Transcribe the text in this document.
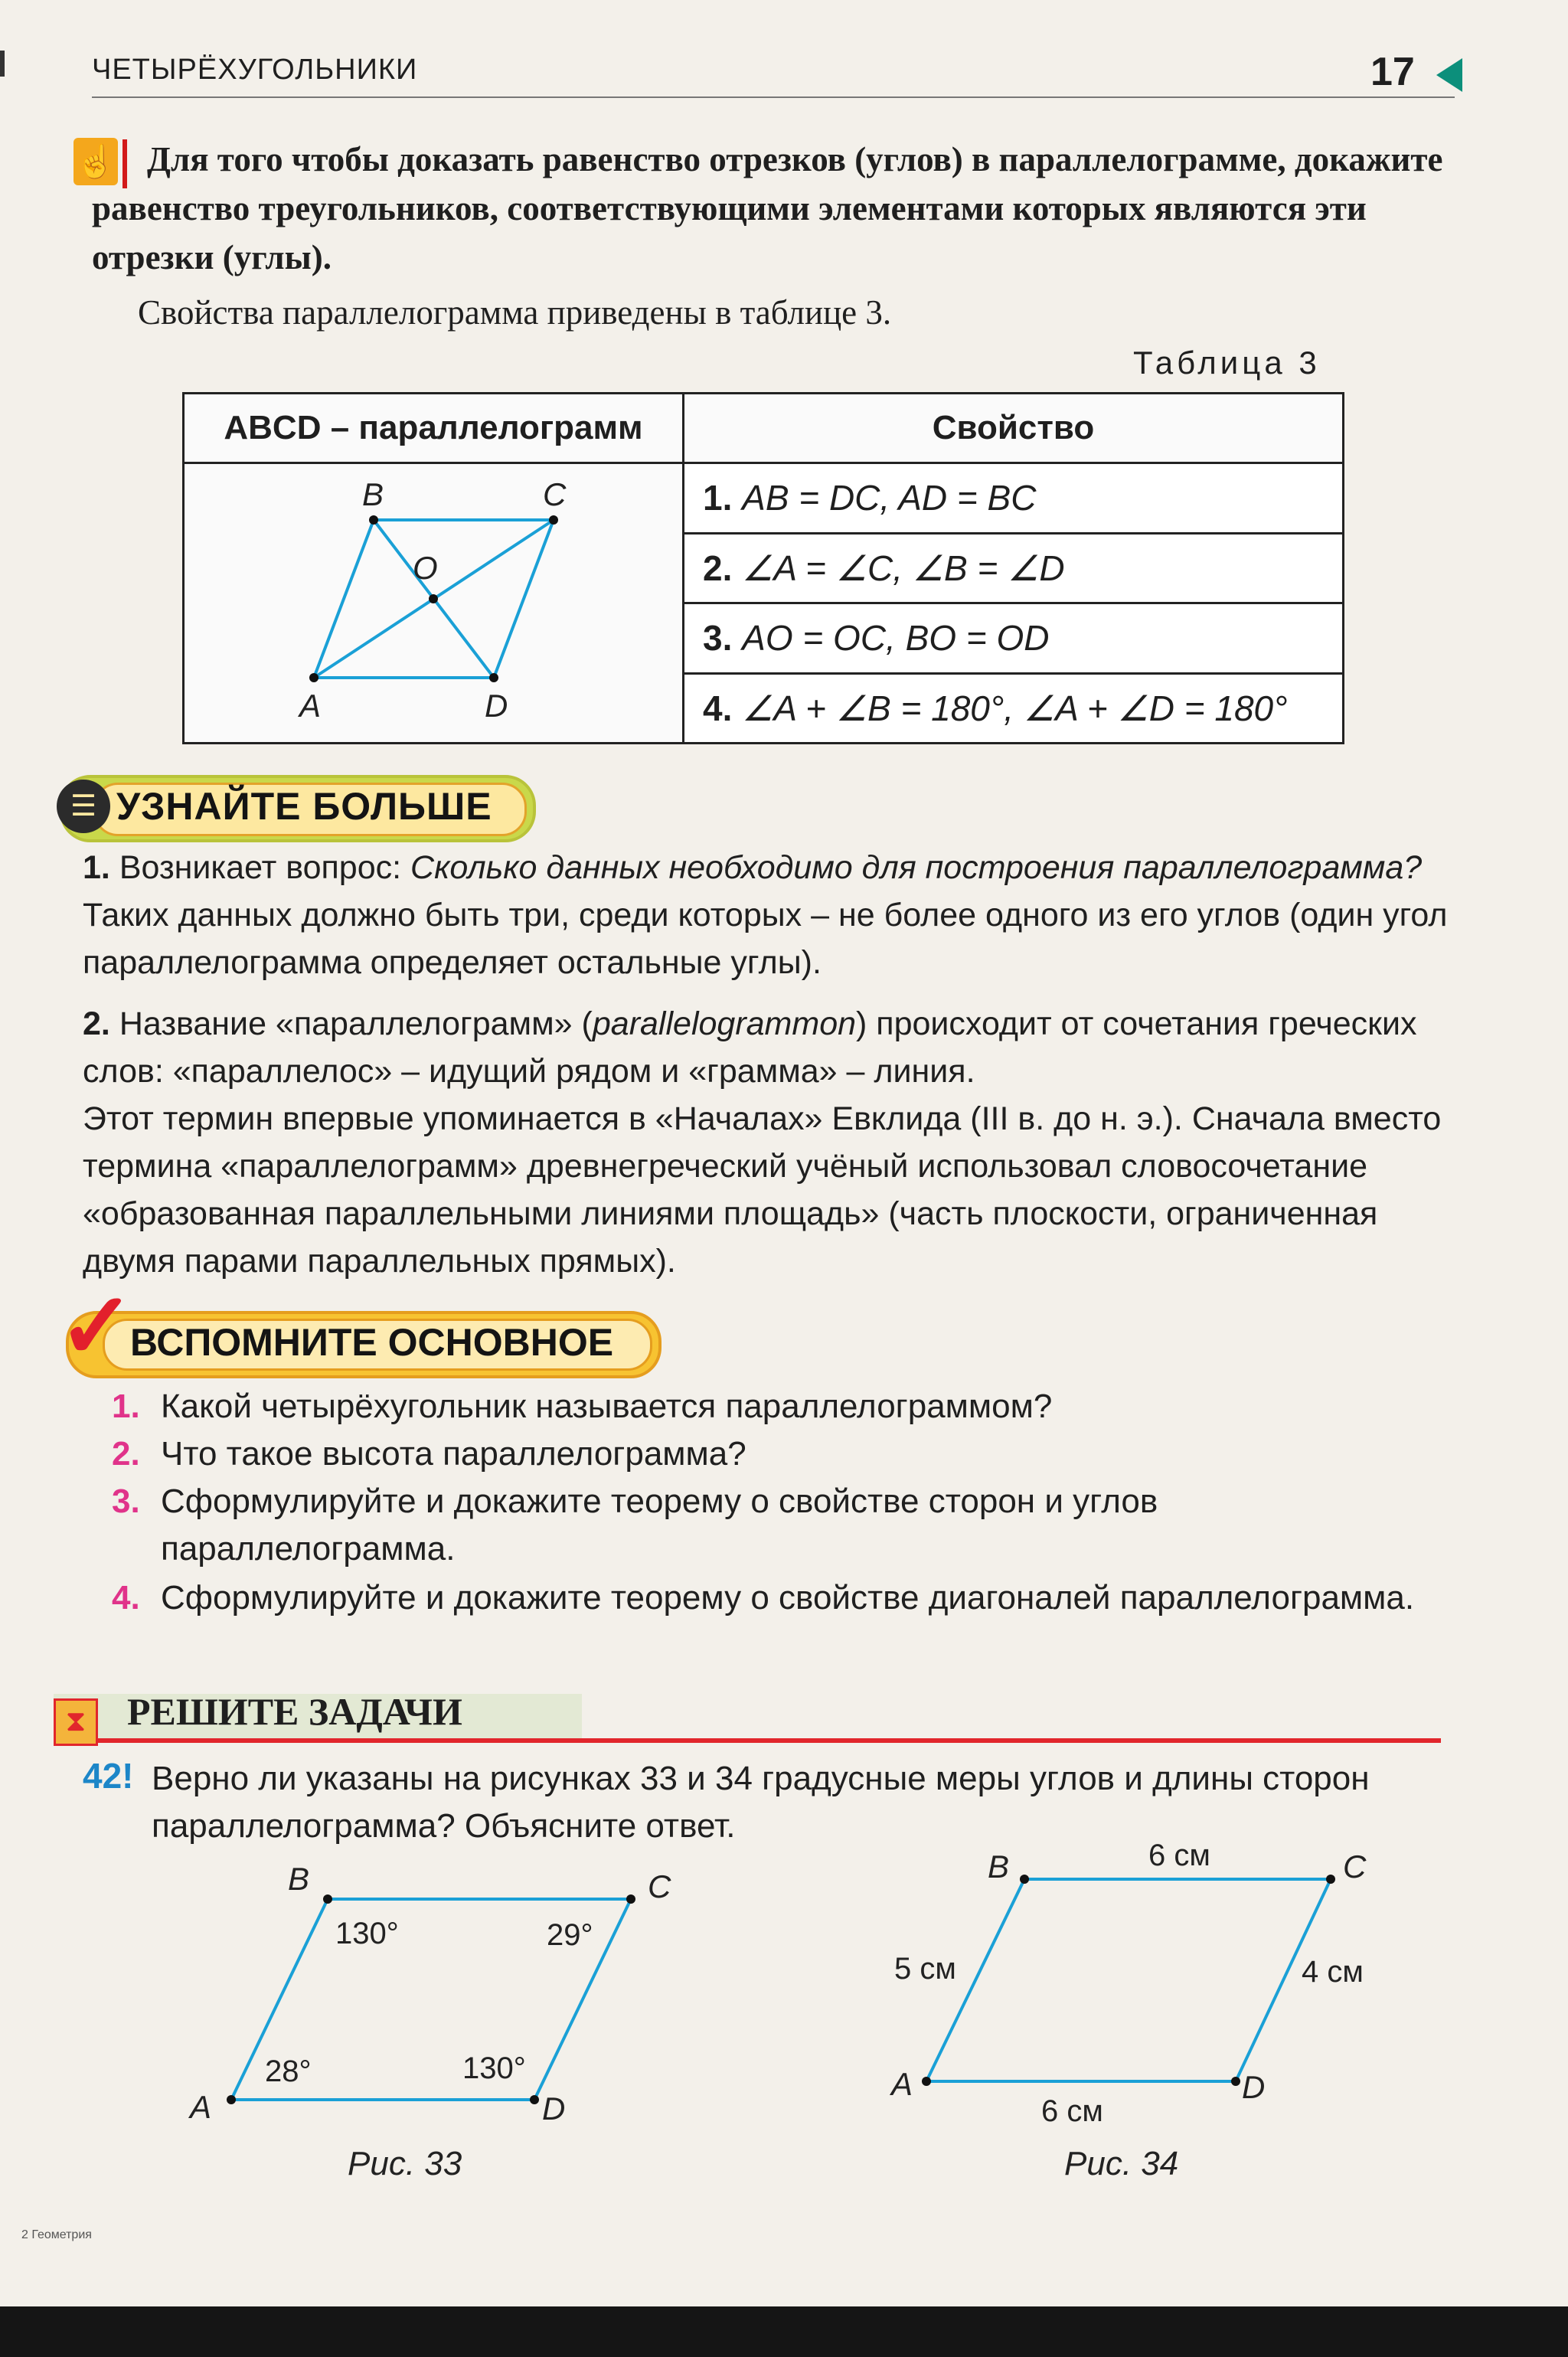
ЧЕТЫРЁХУГОЛЬНИКИ	17
☝ Для того чтобы доказать равенство отрезков (углов) в параллелограмме, докажите равенство треугольников, соответствующими элементами которых являются эти отрезки (углы).
Свойства параллелограмма приведены в таблице 3.
Таблица 3
ABCD – параллелограмм	Свойство

B C
O
A D	1. AB = DC, AD = BC
	2. ∠A = ∠C, ∠B = ∠D
	3. AO = OC, BO = OD
	4. ∠A + ∠B = 180°, ∠A + ∠D = 180°
УЗНАЙТЕ БОЛЬШЕ
☰
1. Возникает вопрос: Сколько данных необходимо для построения параллелограмма? Таких данных должно быть три, среди которых – не более одного из его углов (один угол параллелограмма определяет остальные углы).
2. Название «параллелограмм» (parallelogrammon) происходит от сочетания греческих слов: «параллелос» – идущий рядом и «грамма» – линия.
Этот термин впервые упоминается в «Началах» Евклида (III в. до н. э.). Сначала вместо термина «параллелограмм» древнегреческий учёный использовал словосочетание «образованная параллельными линиями площадь» (часть плоскости, ограниченная двумя парами параллельных прямых).
ВСПОМНИТЕ ОСНОВНОЕ
✓
1. Какой четырёхугольник называется параллелограммом?
2. Что такое высота параллелограмма?
3. Сформулируйте и докажите теорему о свойстве сторон и углов параллелограмма.
4. Сформулируйте и докажите теорему о свойстве диагоналей параллелограмма.
⧗	РЕШИТЕ ЗАДАЧИ
42! Верно ли указаны на рисунках 33 и 34 градусные меры углов и длины сторон параллелограмма? Объясните ответ.
B	C
A	D
130°	29°
28°	130°
Рис. 33
B	C
A	D
6 см
5 см	4 см
6 см
Рис. 34
2 Геометрия
